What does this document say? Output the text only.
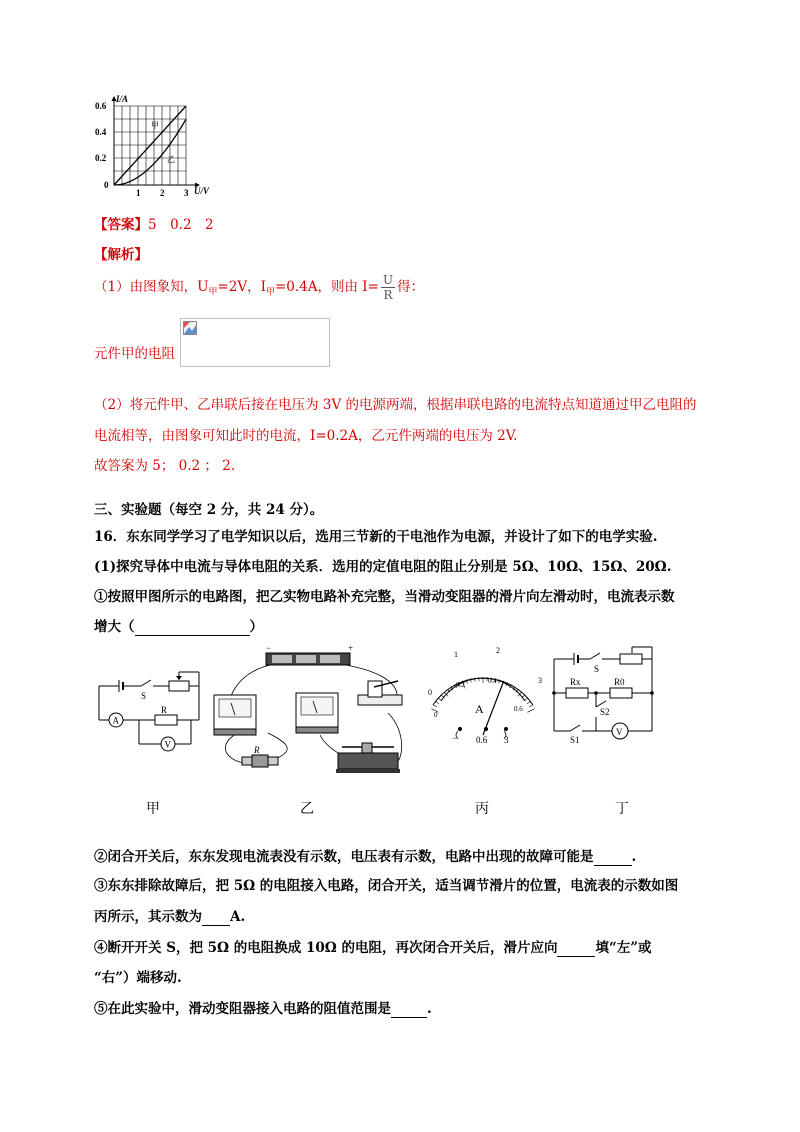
I/A
U/V
0.6
0.4
0.2
0
1 2 3
甲
乙
【答案】5　0.2　2
【解析】
（1）由图象知，$U_甲=2V$，$I_甲=0.4A$，则由 $I= \frac{U}{R}$ 得：
元件甲的电阻
（2）将元件甲、乙串联后接在电压为 3V 的电源两端，根据串联电路的电流特点知道通过甲乙电阻的
电流相等，由图象可知此时的电流，I=0.2A，乙元件两端的电压为 2V.
故答案为 5； 0.2 ； 2.
三、实验题（每空 2 分，共 24 分）。
16．东东同学学习了电学知识以后，选用三节新的干电池作为电源，并设计了如下的电学实验.
(1)探究导体中电流与导体电阻的关系．选用的定值电阻的阻止分别是 5Ω、10Ω、15Ω、20Ω.
①按照甲图所示的电路图，把乙实物电路补充完整，当滑动变阻器的滑片向左滑动时，电流表示数
增大（	）
S
R
A
V
−	+
R
0
1	2
3
0
0.2	0.4
0.6
A
− 0.6 3
S
Rx	R0
S2
S1
V
甲	乙	丙	丁
②闭合开关后，东东发现电流表没有示数，电压表有示数，电路中出现的故障可能是	.
③东东排除故障后，把 5Ω 的电阻接入电路，闭合开关，适当调节滑片的位置，电流表的示数如图
丙所示，其示数为 A.
④断开开关 S，把 5Ω 的电阻换成 10Ω 的电阻，再次闭合开关后，滑片应向	填“左”或
“右”）端移动.
⑤在此实验中，滑动变阻器接入电路的阻值范围是	.
